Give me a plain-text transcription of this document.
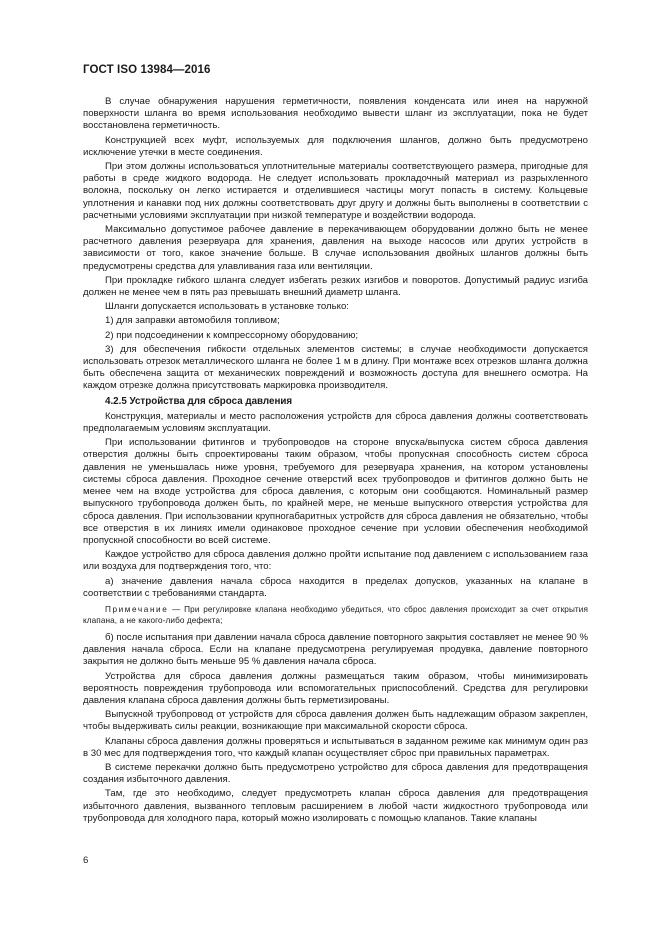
ГОСТ ISO 13984—2016

В случае обнаружения нарушения герметичности, появления конденсата или инея на наружной поверхности шланга во время использования необходимо вывести шланг из эксплуатации, пока не будет восстановлена герметичность.

Конструкцией всех муфт, используемых для подключения шлангов, должно быть предусмотрено исключение утечки в месте соединения.

При этом должны использоваться уплотнительные материалы соответствующего размера, пригодные для работы в среде жидкого водорода. Не следует использовать прокладочный материал из разрыхленного волокна, поскольку он легко истирается и отделившиеся частицы могут попасть в систему. Кольцевые уплотнения и канавки под них должны соответствовать друг другу и должны быть выполнены в соответствии с расчетными условиями эксплуатации при низкой температуре и воздействии водорода.

Максимально допустимое рабочее давление в перекачивающем оборудовании должно быть не менее расчетного давления резервуара для хранения, давления на выходе насосов или других устройств в зависимости от того, какое значение больше. В случае использования двойных шлангов должны быть предусмотрены средства для улавливания газа или вентиляции.

При прокладке гибкого шланга следует избегать резких изгибов и поворотов. Допустимый радиус изгиба должен не менее чем в пять раз превышать внешний диаметр шланга.

Шланги допускается использовать в установке только:

1) для заправки автомобиля топливом;

2) при подсоединении к компрессорному оборудованию;

3) для обеспечения гибкости отдельных элементов системы; в случае необходимости допускается использовать отрезок металлического шланга не более 1 м в длину. При монтаже всех отрезков шланга должна быть обеспечена защита от механических повреждений и возможность доступа для внешнего осмотра. На каждом отрезке должна присутствовать маркировка производителя.

4.2.5 Устройства для сброса давления

Конструкция, материалы и место расположения устройств для сброса давления должны соответствовать предполагаемым условиям эксплуатации.

При использовании фитингов и трубопроводов на стороне впуска/выпуска систем сброса давления отверстия должны быть спроектированы таким образом, чтобы пропускная способность систем сброса давления не уменьшалась ниже уровня, требуемого для резервуара хранения, на котором установлены системы сброса давления. Проходное сечение отверстий всех трубопроводов и фитингов должно быть не менее чем на входе устройства для сброса давления, с которым они сообщаются. Номинальный размер выпускного трубопровода должен быть, по крайней мере, не меньше выпускного отверстия устройства для сброса давления. При использовании крупногабаритных устройств для сброса давления не обязательно, чтобы все отверстия в их линиях имели одинаковое проходное сечение при условии обеспечения необходимой пропускной способности во всей системе.

Каждое устройство для сброса давления должно пройти испытание под давлением с использованием газа или воздуха для подтверждения того, что:

а) значение давления начала сброса находится в пределах допусков, указанных на клапане в соответствии с требованиями стандарта.

Примечание — При регулировке клапана необходимо убедиться, что сброс давления происходит за счет открытия клапана, а не какого-либо дефекта;

б) после испытания при давлении начала сброса давление повторного закрытия составляет не менее 90 % давления начала сброса. Если на клапане предусмотрена регулируемая продувка, давление повторного закрытия не должно быть меньше 95 % давления начала сброса.

Устройства для сброса давления должны размещаться таким образом, чтобы минимизировать вероятность повреждения трубопровода или вспомогательных приспособлений. Средства для регулировки давления клапана сброса давления должны быть герметизированы.

Выпускной трубопровод от устройств для сброса давления должен быть надлежащим образом закреплен, чтобы выдерживать силы реакции, возникающие при максимальной скорости сброса.

Клапаны сброса давления должны проверяться и испытываться в заданном режиме как минимум один раз в 30 мес для подтверждения того, что каждый клапан осуществляет сброс при правильных параметрах.

В системе перекачки должно быть предусмотрено устройство для сброса давления для предотвращения создания избыточного давления.

Там, где это необходимо, следует предусмотреть клапан сброса давления для предотвращения избыточного давления, вызванного тепловым расширением в любой части жидкостного трубопровода или трубопровода для холодного пара, который можно изолировать с помощью клапанов. Такие клапаны

6
